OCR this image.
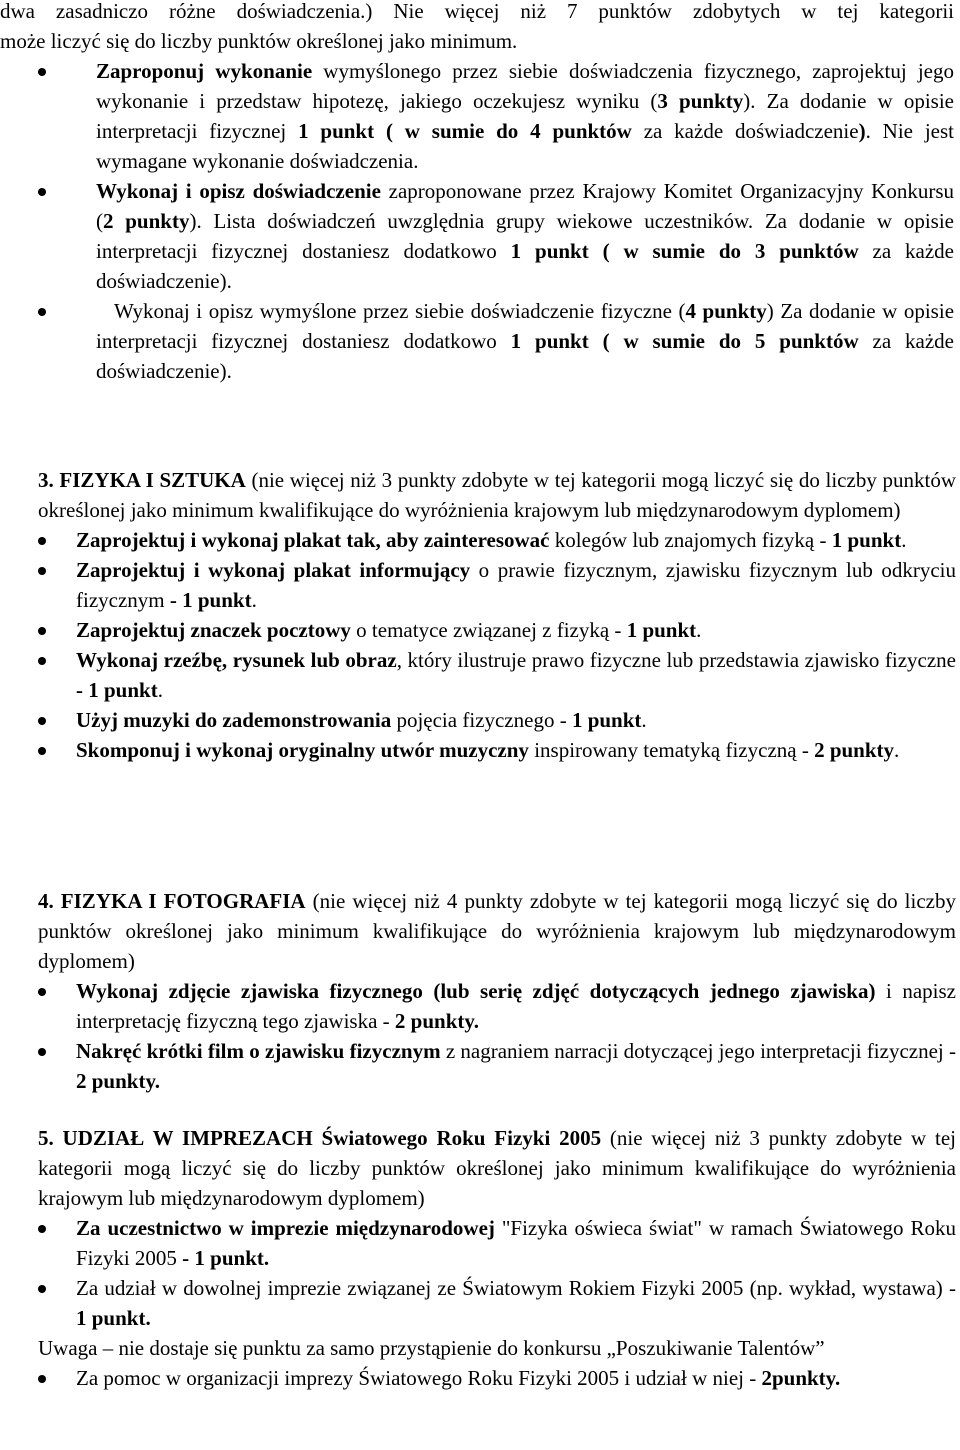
dwa zasadniczo różne doświadczenia.) Nie więcej niż 7 punktów zdobytych w tej kategorii
może liczyć się do liczby punktów określonej jako minimum.
Zaproponuj wykonanie wymyślonego przez siebie doświadczenia fizycznego, zaprojektuj jego wykonanie i przedstaw hipotezę, jakiego oczekujesz wyniku (3 punkty). Za dodanie w opisie interpretacji fizycznej 1 punkt ( w sumie do 4 punktów za każde doświadczenie). Nie jest wymagane wykonanie doświadczenia.
Wykonaj i opisz doświadczenie zaproponowane przez Krajowy Komitet Organizacyjny Konkursu (2 punkty). Lista doświadczeń uwzględnia grupy wiekowe uczestników. Za dodanie w opisie interpretacji fizycznej dostaniesz dodatkowo 1 punkt ( w sumie do 3 punktów za każde doświadczenie).
Wykonaj i opisz wymyślone przez siebie doświadczenie fizyczne (4 punkty) Za dodanie w opisie interpretacji fizycznej dostaniesz dodatkowo 1 punkt ( w sumie do 5 punktów za każde doświadczenie).

3. FIZYKA I SZTUKA (nie więcej niż 3 punkty zdobyte w tej kategorii mogą liczyć się do liczby punktów określonej jako minimum kwalifikujące do wyróżnienia krajowym lub międzynarodowym dyplomem)

Zaprojektuj i wykonaj plakat tak, aby zainteresować kolegów lub znajomych fizyką - 1 punkt.
Zaprojektuj i wykonaj plakat informujący o prawie fizycznym, zjawisku fizycznym lub odkryciu fizycznym - 1 punkt.
Zaprojektuj znaczek pocztowy o tematyce związanej z fizyką - 1 punkt.
Wykonaj rzeźbę, rysunek lub obraz, który ilustruje prawo fizyczne lub przedstawia zjawisko fizyczne - 1 punkt.
Użyj muzyki do zademonstrowania pojęcia fizycznego - 1 punkt.
Skomponuj i wykonaj oryginalny utwór muzyczny inspirowany tematyką fizyczną - 2 punkty.

4. FIZYKA I FOTOGRAFIA (nie więcej niż 4 punkty zdobyte w tej kategorii mogą liczyć się do liczby punktów określonej jako minimum kwalifikujące do wyróżnienia krajowym lub międzynarodowym dyplomem)

Wykonaj zdjęcie zjawiska fizycznego (lub serię zdjęć dotyczących jednego zjawiska) i napisz interpretację fizyczną tego zjawiska - 2 punkty.
Nakręć krótki film o zjawisku fizycznym z nagraniem narracji dotyczącej jego interpretacji fizycznej - 2 punkty.

5. UDZIAŁ W IMPREZACH Światowego Roku Fizyki 2005 (nie więcej niż 3 punkty zdobyte w tej kategorii mogą liczyć się do liczby punktów określonej jako minimum kwalifikujące do wyróżnienia krajowym lub międzynarodowym dyplomem)

Za uczestnictwo w imprezie międzynarodowej "Fizyka oświeca świat" w ramach Światowego Roku Fizyki 2005 - 1 punkt.
Za udział w dowolnej imprezie związanej ze Światowym Rokiem Fizyki 2005 (np. wykład, wystawa) - 1 punkt.

Uwaga – nie dostaje się punktu za samo przystąpienie do konkursu „Poszukiwanie Talentów”

Za pomoc w organizacji imprezy Światowego Roku Fizyki 2005 i udział w niej - 2punkty.
